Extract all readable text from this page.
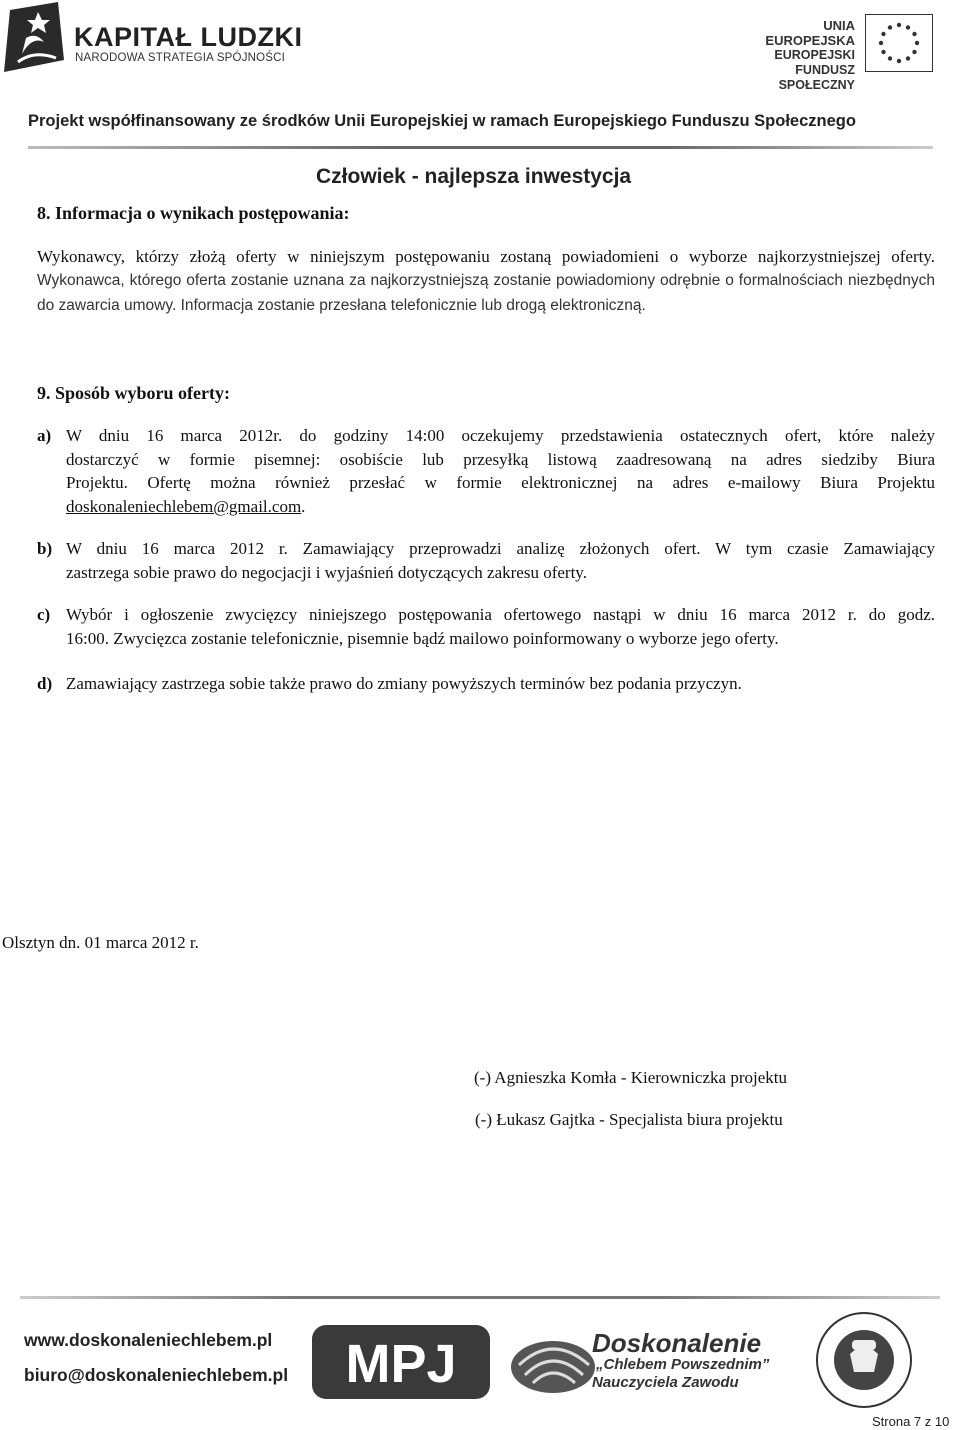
KAPITAŁ LUDZKI
NARODOWA STRATEGIA SPÓJNOŚCI
UNIA EUROPEJSKA
EUROPEJSKI
FUNDUSZ SPOŁECZNY
Projekt współfinansowany ze środków Unii Europejskiej w ramach Europejskiego Funduszu Społecznego
Człowiek - najlepsza inwestycja
8. Informacja o wynikach postępowania:
Wykonawcy, którzy złożą oferty w niniejszym postępowaniu zostaną powiadomieni o wyborze najkorzystniejszej oferty. Wykonawca, którego oferta zostanie uznana za najkorzystniejszą zostanie powiadomiony odrębnie o formalnościach niezbędnych do zawarcia umowy. Informacja zostanie przesłana telefonicznie lub drogą elektroniczną.
9. Sposób wyboru oferty:
a) W dniu 16 marca 2012r. do godziny 14:00 oczekujemy przedstawienia ostatecznych ofert, które należy
dostarczyć w formie pisemnej: osobiście lub przesyłką listową zaadresowaną na adres siedziby Biura
Projektu. Ofertę można również przesłać w formie elektronicznej na adres e-mailowy Biura Projektu
doskonaleniechlebem@gmail.com.
b) W dniu 16 marca 2012 r. Zamawiający przeprowadzi analizę złożonych ofert. W tym czasie Zamawiający
zastrzega sobie prawo do negocjacji i wyjaśnień dotyczących zakresu oferty.
c) Wybór i ogłoszenie zwycięzcy niniejszego postępowania ofertowego nastąpi w dniu 16 marca 2012 r. do godz.
16:00. Zwycięzca zostanie telefonicznie, pisemnie bądź mailowo poinformowany o wyborze jego oferty.
d) Zamawiający zastrzega sobie także prawo do zmiany powyższych terminów bez podania przyczyn.
Olsztyn dn. 01 marca 2012 r.
(-) Agnieszka Komła - Kierowniczka projektu
(-) Łukasz Gajtka - Specjalista biura projektu
www.doskonaleniechlebem.pl
biuro@doskonaleniechlebem.pl MPJ	Doskonalenie
„Chlebem Powszednim”
Nauczyciela Zawodu
Strona 7 z 10
